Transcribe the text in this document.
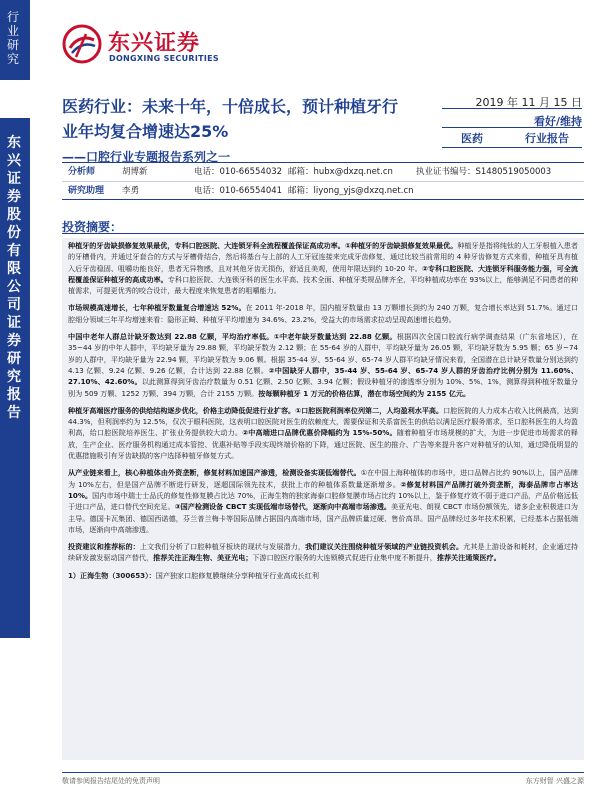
行业研究
东兴证券股份有限公司证券研究报告
东兴证券
DONGXING SECURITIES
医药行业：未来十年，十倍成长，预计种植牙行业年均复合增速达25%
——口腔行业专题报告系列之一
2019 年 11 月 15 日
看好/维持
医药	行业报告
分析师	胡博新	电话：010-66554032 邮箱：hubx@dxzq.net.cn	执业证书编号：S1480519050003
研究助理 李勇	电话：010-66554041 邮箱：liyong_yjs@dxzq.net.cn
投资摘要：

种植牙的牙齿缺损修复效果最优，专科口腔医院、大连锁牙科全流程覆盖保证高成功率。①种植牙的牙齿缺损修复效果最优。种植牙是指将纯钛的人工牙根植入患者的牙槽骨内，并通过牙套合的方式与牙槽骨结合，然后将基台与上部的人工牙冠连接来完成牙齿修复，通过比较当前常用的 4 种牙齿修复方式来看，种植牙具有植入后牙齿稳固、咀嚼功能良好，患者无异物感，且对其他牙齿无损伤，舒适且美观，使用年限达到约 10-20 年。②专科口腔医院、大连锁牙科服务能力强，可全流程覆盖保证种植牙的高成功率。专科口腔医院、大连锁牙科的医生水平高、技术全面、种植牙类规品牌齐全，平均种植成功率在 93%以上，能够满足不同患者的种植需求，可提更优秀的咬合设计，最大程度来恢复患者的咀嚼能力。

市场规模高速增长，七年种植牙数量复合增速达 52%。在 2011 年-2018 年，国内植牙数量由 13 万颗增长到约为 240 万颗，复合增长率达到 51.7%。通过口腔细分领域三年平均增速来看：隐形正畸、种植牙平均增速为 34.6%、23.2%，受益大的市场需求拉动呈现高速增长趋势。

中国中老年人群总计缺牙数达到 22.88 亿颗，平均治疗率低。①中老年缺牙数量达到 22.88 亿颗。根据四次全国口腔流行病学调查结果（广东省地区），在 35~44 岁的中年人群中，平均缺牙量为 29.88 颗，平均缺牙数为 2.12 颗；在 55-64 岁的人群中，平均缺牙量为 26.05 颗，平均缺牙数为 5.95 颗；65 岁~74 岁的人群中，平均缺牙量为 22.94 颗，平均缺牙数为 9.06 颗。根据 35-44 岁、55-64 岁、65-74 岁人群平均缺牙情况来看，全国潜在总计缺牙数量分别达到约 4.13 亿颗、9.24 亿颗、9.26 亿颗，合计达到 22.88 亿颗。②中国缺牙人群中，35-44 岁、55-64 岁、65-74 岁人群的牙齿治疗比例分别为 11.60%、27.10%、42.60%。以此测算得到牙齿治疗数量为 0.51 亿颗、2.50 亿颗、3.94 亿颗；假设种植牙的渗透率分别为 10%、5%、1%，测算得到种植牙数量分别为 509 万颗、1252 万颗、394 万颗，合计 2155 万颗。按每颗种植牙 1 万元的价格估算，潜在市场空间约为 2155 亿元。

种植牙高端医疗服务的供给结构逐步优化，价格主动降低促进行业扩容。①口腔医院利润率位列第二，人均盈利水平高。口腔医院的人力成本占收入比例最高，达到 44.3%，但利润率约为 12.5%，仅次于眼科医院，这表明口腔医院对医生的依赖度大，需要保证和关系富医生的供给以满足医疗服务需求，至口腔科医生的人均盈利高，给口腔医院培养医生、扩张业务提供较大动力。②中高端进口品牌优惠价降幅约为 15%-50%。随着种植牙市场规模的扩大，为进一步促进市场需求的释放，生产企业、医疗服务机构通过成本管控、优惠补贴等手段实现终端价格的下降，通过医院、医生的推介、广告等来提升客户对种植牙的认知，通过降低明显的优惠措施吸引有牙齿缺损的客户选择种植牙修复方式。

从产业链来看上，核心种植体由外资垄断，修复材料加速国产渗透，检测设备实现低端替代。①在中国上海种植体的市场中，进口品牌占比约 90%以上，国产品牌为 10%左右，但是国产品牌不断进行研发，逐超国际领先技术，获批上市的种植体系数量逐渐增多。②修复材料国产品牌打破外资垄断，海泰品牌市占率达 10%。国内市场中瑞士士品氏的修复性修复膜占比达 70%，正海生物的独家海泰口腔修复膜市场占比约 10%以上，鉴于修复疗效不弱于进口产品，产品价格远低于进口产品，进口替代空间充足。③国产检测设备 CBCT 实现低端市场替代，逐渐向中高端市场渗透。美亚光电、朗视 CBCT 市场份额领先，诸多企业积极进口为主导。德国卡瓦集团、德国西诺德，芬兰普兰梅卡等国际品牌占据国内高端市场，国产品牌质量过硬、售价高昂。国产品牌经过多年技术积累，已经基本占据低端市场，逐渐向中高端渗透。

投资建议和推荐标的：上文我们分析了口腔种植牙板块的现状与发展潜力，我们建议关注围绕种植牙领域的产业链投资机会。尤其是上游设备和耗材，企业通过持续研发激发驱动国产替代，推荐关注正海生物、美亚光电；下游口腔医疗服务的大连锁模式促进行业集中度不断提升，推荐关注通策医疗。

1）正海生物（300653）：国产独家口腔修复膜继续分享种植牙行业高成长红利

敬请参阅报告结尾处的免责声明	东方财智 兴盛之源
